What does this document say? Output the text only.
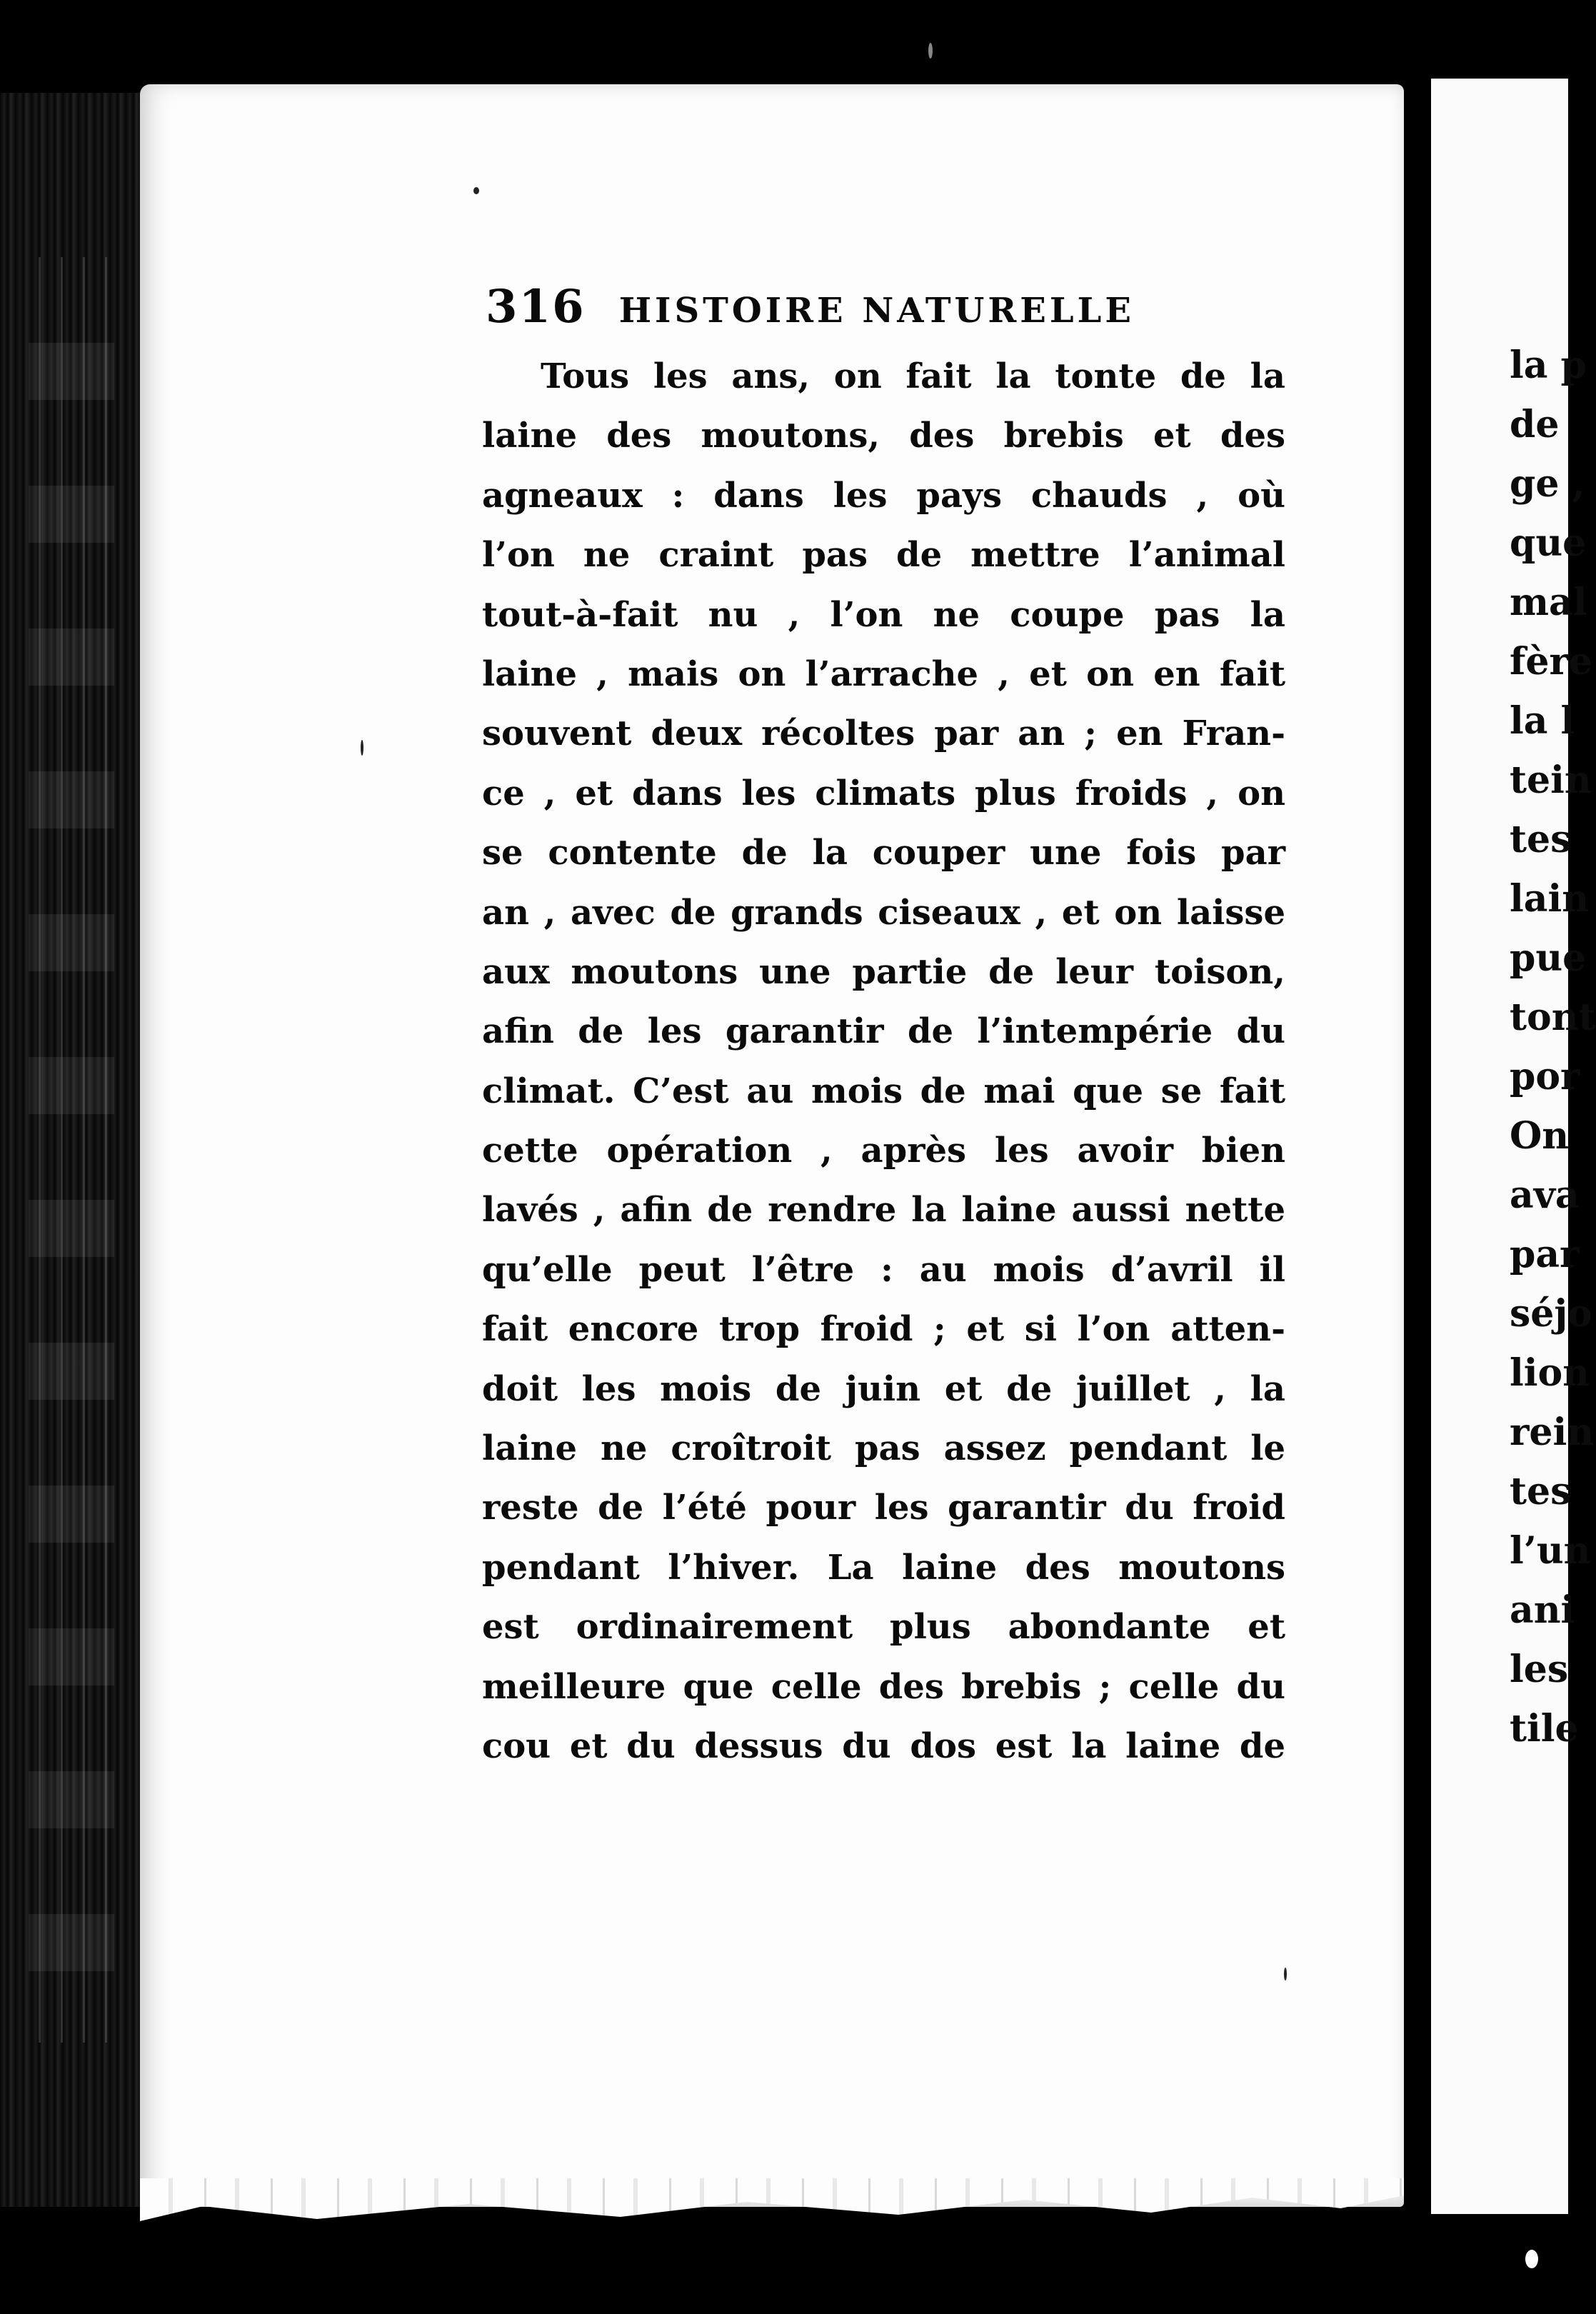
316 HISTOIRE NATURELLE
Tous les ans, on fait la tonte de la
laine des moutons, des brebis et des
agneaux : dans les pays chauds , où
l’on ne craint pas de mettre l’animal
tout-à-fait nu , l’on ne coupe pas la
laine , mais on l’arrache , et on en fait
souvent deux récoltes par an ; en Fran-
ce , et dans les climats plus froids , on
se contente de la couper une fois par
an , avec de grands ciseaux , et on laisse
aux moutons une partie de leur toison,
afin de les garantir de l’intempérie du
climat. C’est au mois de mai que se fait
cette opération , après les avoir bien
lavés , afin de rendre la laine aussi nette
qu’elle peut l’être : au mois d’avril il
fait encore trop froid ; et si l’on atten-
doit les mois de juin et de juillet , la
laine ne croîtroit pas assez pendant le
reste de l’été pour les garantir du froid
pendant l’hiver. La laine des moutons
est ordinairement plus abondante et
meilleure que celle des brebis ; celle du
cou et du dessus du dos est la laine de
la p
de
ge ,
que
mal
fère
la l
tein
tes
lain
pue
tont
por
On
ava
par
séjo
lion
rein
tes
l’un
ani
les
tile
